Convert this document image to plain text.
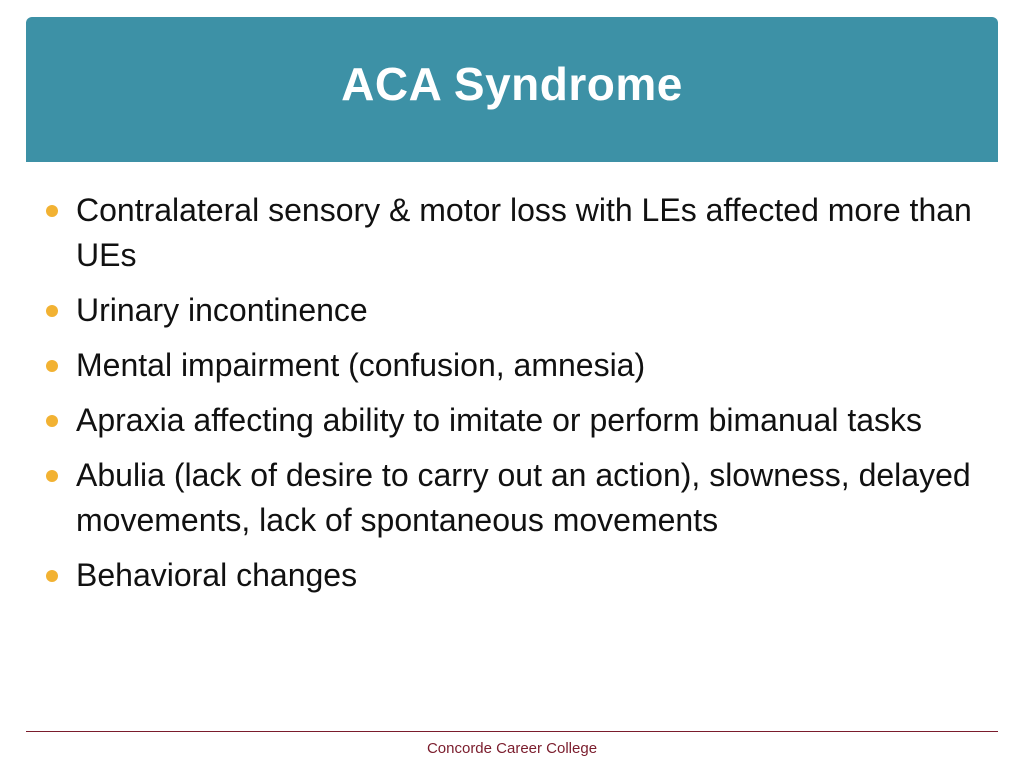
ACA Syndrome
Contralateral sensory & motor loss with LEs affected more than UEs
Urinary incontinence
Mental impairment (confusion, amnesia)
Apraxia affecting ability to imitate or perform bimanual tasks
Abulia (lack of desire to carry out an action), slowness, delayed movements, lack of spontaneous movements
Behavioral changes
Concorde Career College
